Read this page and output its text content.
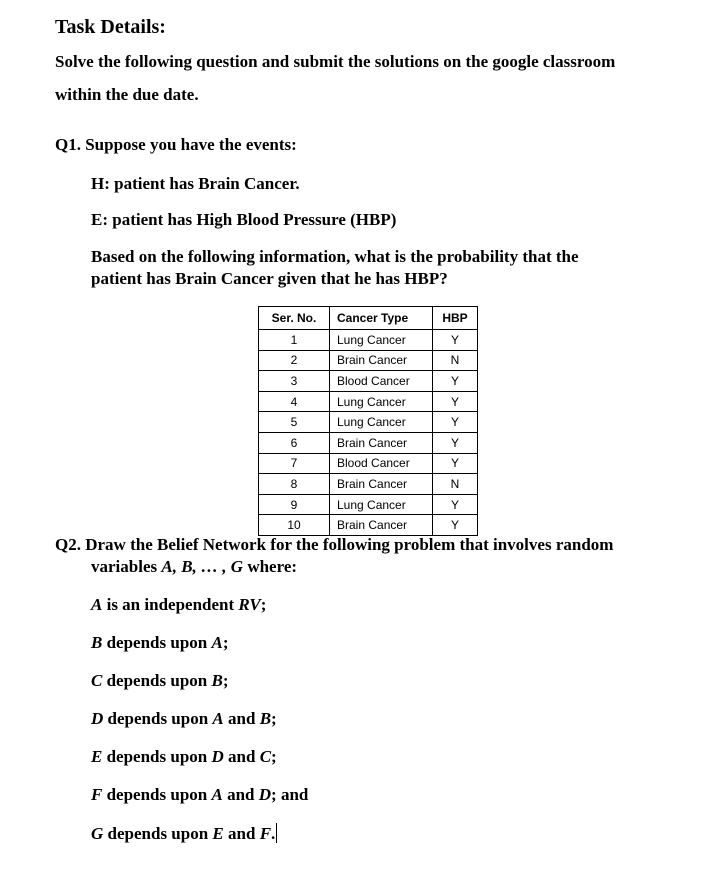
Task Details:
Solve the following question and submit the solutions on the google classroom
within the due date.
Q1. Suppose you have the events:
H: patient has Brain Cancer.
E: patient has High Blood Pressure (HBP)
Based on the following information, what is the probability that the
patient has Brain Cancer given that he has HBP?
Ser. No.	Cancer Type	HBP
1	Lung Cancer	Y
2	Brain Cancer	N
3	Blood Cancer	Y
4	Lung Cancer	Y
5	Lung Cancer	Y
6	Brain Cancer	Y
7	Blood Cancer	Y
8	Brain Cancer	N
9	Lung Cancer	Y
10	Brain Cancer	Y
Q2. Draw the Belief Network for the following problem that involves random
variables A, B, … , G where:
A is an independent RV;
B depends upon A;
C depends upon B;
D depends upon A and B;
E depends upon D and C;
F depends upon A and D; and
G depends upon E and F.
